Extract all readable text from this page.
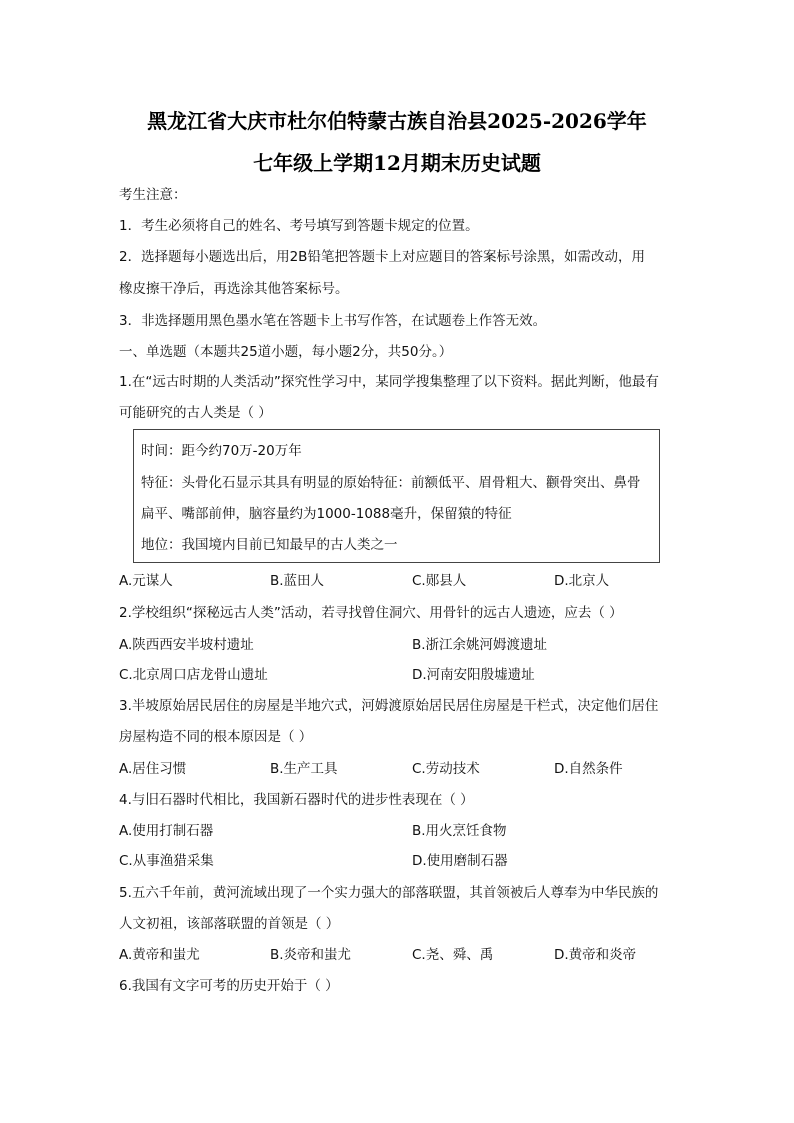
黑龙江省大庆市杜尔伯特蒙古族自治县2025-2026学年
七年级上学期12月期末历史试题
考生注意：
1．考生必须将自己的姓名、考号填写到答题卡规定的位置。
2．选择题每小题选出后，用2B铅笔把答题卡上对应题目的答案标号涂黑，如需改动，用
橡皮擦干净后，再选涂其他答案标号。
3．非选择题用黑色墨水笔在答题卡上书写作答，在试题卷上作答无效。
一、单选题（本题共25道小题，每小题2分，共50分。）
1.在“远古时期的人类活动”探究性学习中，某同学搜集整理了以下资料。据此判断，他最有
可能研究的古人类是（ ）
时间：距今约70万-20万年
特征：头骨化石显示其具有明显的原始特征：前额低平、眉骨粗大、颧骨突出、鼻骨
扁平、嘴部前伸，脑容量约为1000-1088毫升，保留猿的特征
地位：我国境内目前已知最早的古人类之一
A.元谋人	B.蓝田人	C.郧县人	D.北京人
2.学校组织“探秘远古人类”活动，若寻找曾住洞穴、用骨针的远古人遗迹，应去（ ）
A.陕西西安半坡村遗址	B.浙江余姚河姆渡遗址
C.北京周口店龙骨山遗址	D.河南安阳殷墟遗址
3.半坡原始居民居住的房屋是半地穴式，河姆渡原始居民居住房屋是干栏式，决定他们居住
房屋构造不同的根本原因是（ ）
A.居住习惯	B.生产工具	C.劳动技术	D.自然条件
4.与旧石器时代相比，我国新石器时代的进步性表现在（ ）
A.使用打制石器	B.用火烹饪食物
C.从事渔猎采集	D.使用磨制石器
5.五六千年前，黄河流域出现了一个实力强大的部落联盟，其首领被后人尊奉为中华民族的
人文初祖，该部落联盟的首领是（ ）
A.黄帝和蚩尤	B.炎帝和蚩尤	C.尧、舜、禹	D.黄帝和炎帝
6.我国有文字可考的历史开始于（ ）
